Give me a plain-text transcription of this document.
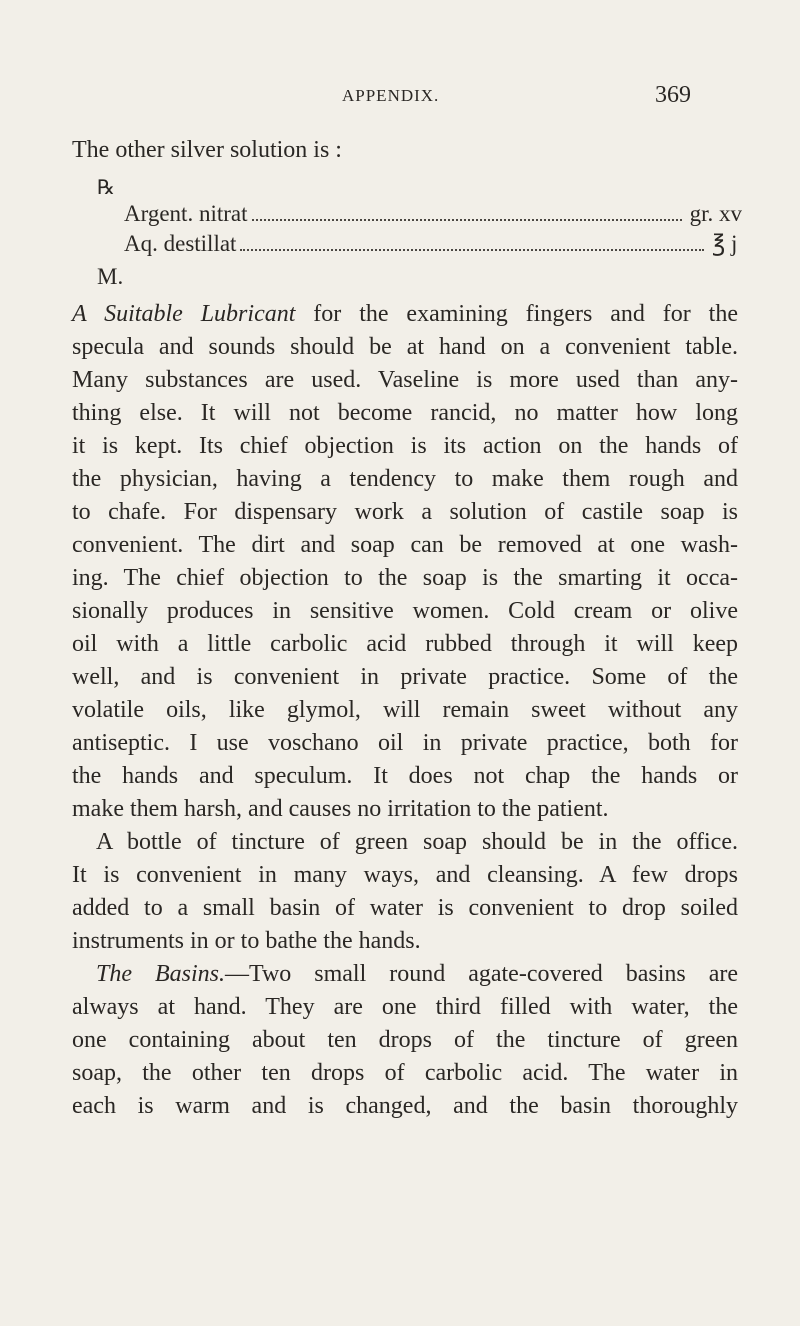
APPENDIX.	369
The other silver solution is :
℞
Argent. nitrat	gr. xv
Aq. destillat	℥ j
M.
A Suitable Lubricant for the examining fingers and for the
specula and sounds should be at hand on a convenient table.
Many substances are used. Vaseline is more used than any-
thing else. It will not become rancid, no matter how long
it is kept. Its chief objection is its action on the hands of
the physician, having a tendency to make them rough and
to chafe. For dispensary work a solution of castile soap is
convenient. The dirt and soap can be removed at one wash-
ing. The chief objection to the soap is the smarting it occa-
sionally produces in sensitive women. Cold cream or olive
oil with a little carbolic acid rubbed through it will keep
well, and is convenient in private practice. Some of the
volatile oils, like glymol, will remain sweet without any
antiseptic. I use voschano oil in private practice, both for
the hands and speculum. It does not chap the hands or
make them harsh, and causes no irritation to the patient.
A bottle of tincture of green soap should be in the office.
It is convenient in many ways, and cleansing. A few drops
added to a small basin of water is convenient to drop soiled
instruments in or to bathe the hands.
The Basins.—Two small round agate-covered basins are
always at hand. They are one third filled with water, the
one containing about ten drops of the tincture of green
soap, the other ten drops of carbolic acid. The water in
each is warm and is changed, and the basin thoroughly
